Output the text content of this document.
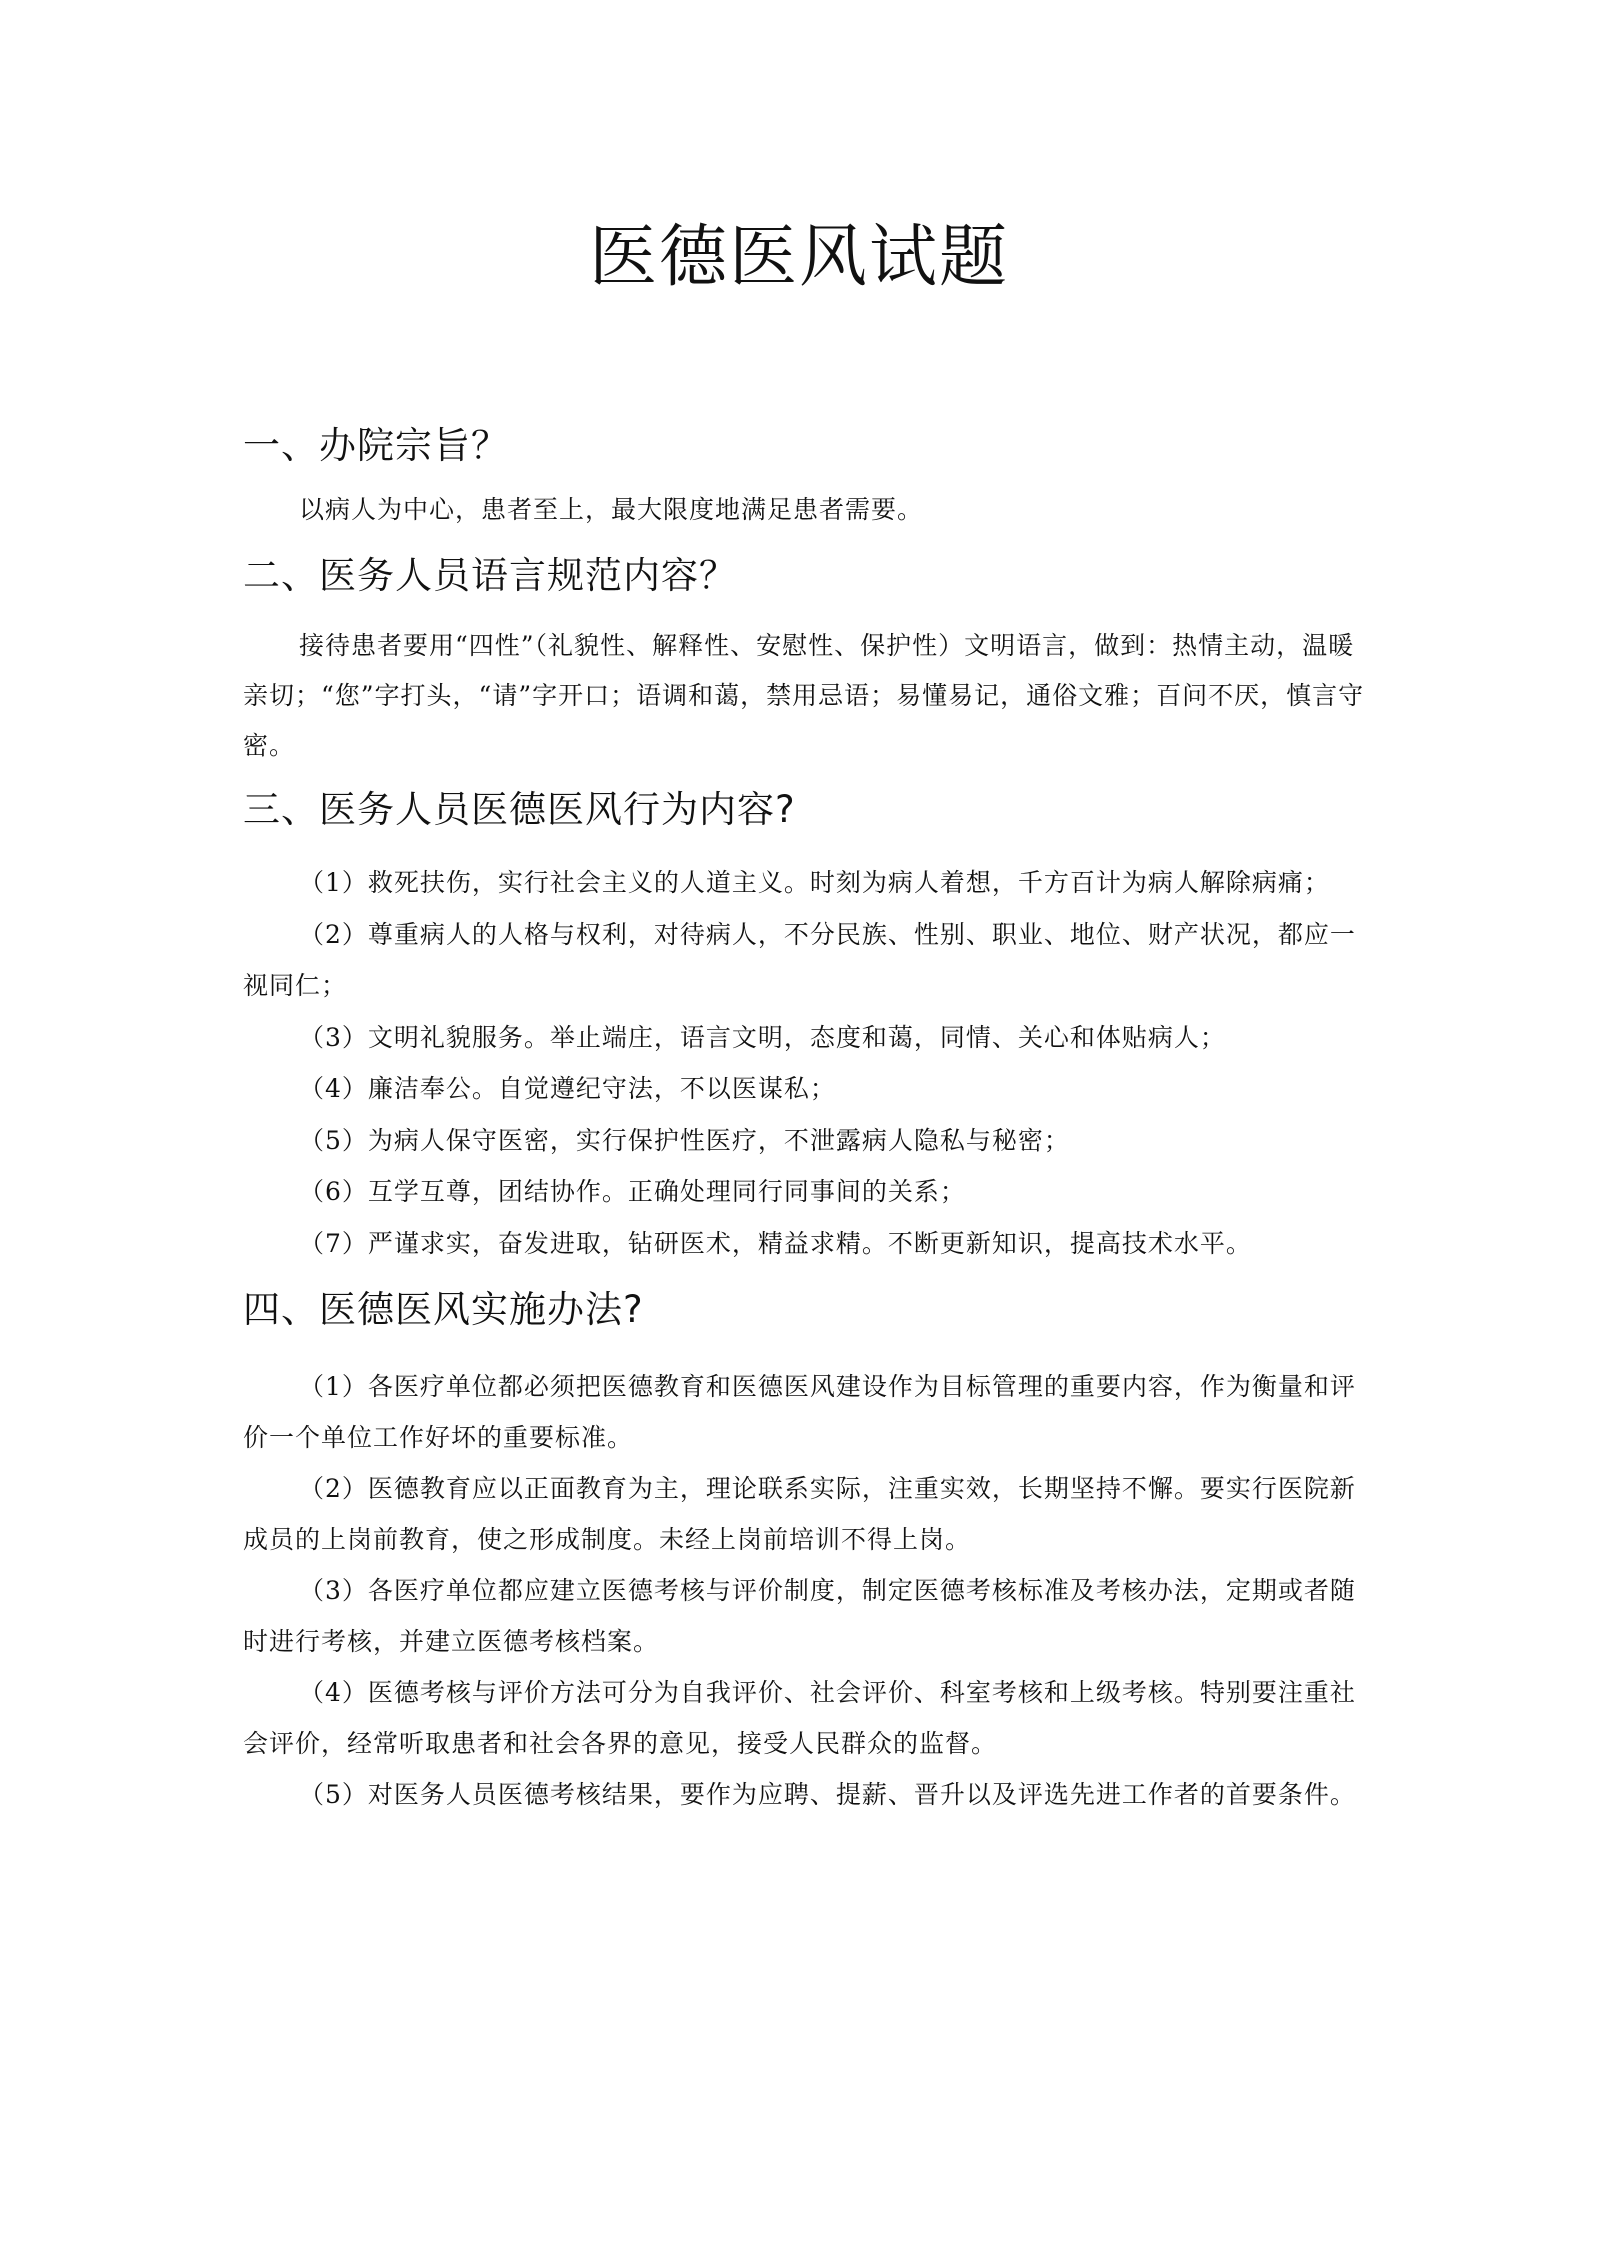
医德医风试题
一、办院宗旨？

以病人为中心，患者至上，最大限度地满足患者需要。

二、医务人员语言规范内容？

接待患者要用“四性”（礼貌性、解释性、安慰性、保护性）文明语言，做到：热情主动，温暖亲切；“您”字打头，“请”字开口；语调和蔼，禁用忌语；易懂易记，通俗文雅；百问不厌，慎言守密。

三、医务人员医德医风行为内容?
（1）救死扶伤，实行社会主义的人道主义。时刻为病人着想，千方百计为病人解除病痛；
（2）尊重病人的人格与权利，对待病人，不分民族、性别、职业、地位、财产状况，都应一视同仁；
（3）文明礼貌服务。举止端庄，语言文明，态度和蔼，同情、关心和体贴病人；
（4）廉洁奉公。自觉遵纪守法，不以医谋私；
（5）为病人保守医密，实行保护性医疗，不泄露病人隐私与秘密；
（6）互学互尊，团结协作。正确处理同行同事间的关系；
（7）严谨求实，奋发进取，钻研医术，精益求精。不断更新知识，提高技术水平。
四、医德医风实施办法?
（1）各医疗单位都必须把医德教育和医德医风建设作为目标管理的重要内容，作为衡量和评价一个单位工作好坏的重要标准。
（2）医德教育应以正面教育为主，理论联系实际，注重实效，长期坚持不懈。要实行医院新成员的上岗前教育，使之形成制度。未经上岗前培训不得上岗。
（3）各医疗单位都应建立医德考核与评价制度，制定医德考核标准及考核办法，定期或者随时进行考核，并建立医德考核档案。
（4）医德考核与评价方法可分为自我评价、社会评价、科室考核和上级考核。特别要注重社会评价，经常听取患者和社会各界的意见，接受人民群众的监督。
（5）对医务人员医德考核结果，要作为应聘、提薪、晋升以及评选先进工作者的首要条件。
